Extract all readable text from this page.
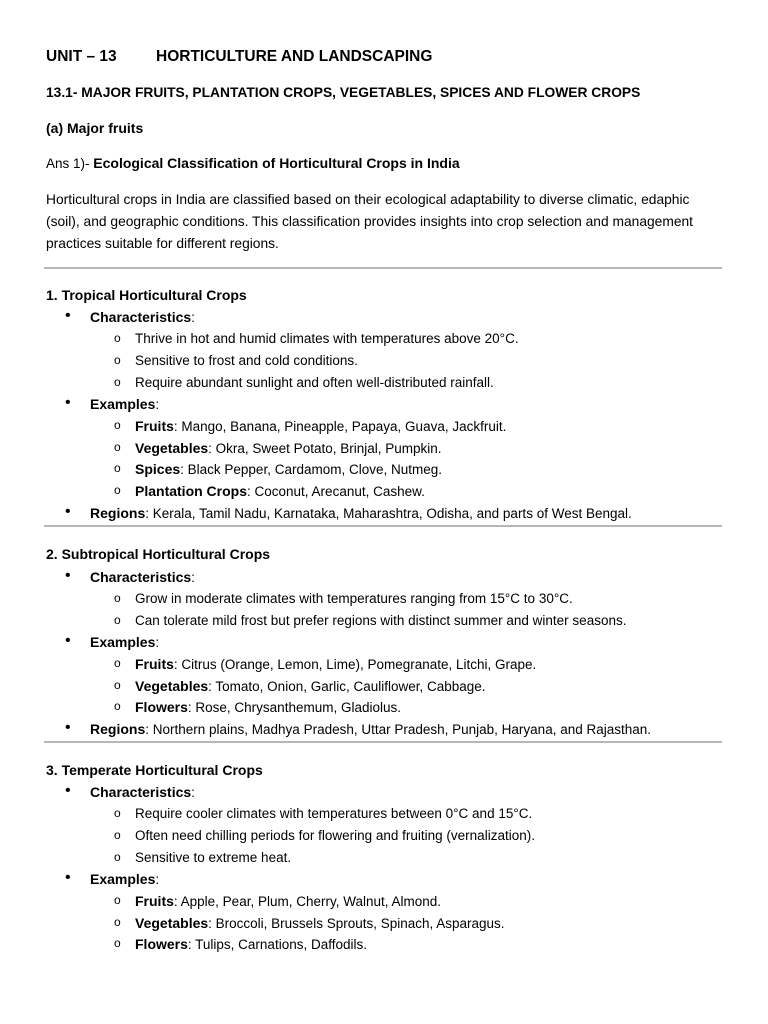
UNIT – 13	HORTICULTURE AND LANDSCAPING
13.1- MAJOR FRUITS, PLANTATION CROPS, VEGETABLES, SPICES AND FLOWER CROPS
(a) Major fruits
Ans 1)- Ecological Classification of Horticultural Crops in India
Horticultural crops in India are classified based on their ecological adaptability to diverse climatic, edaphic (soil), and geographic conditions. This classification provides insights into crop selection and management practices suitable for different regions.
1. Tropical Horticultural Crops
• Characteristics:
o Thrive in hot and humid climates with temperatures above 20°C.
o Sensitive to frost and cold conditions.
o Require abundant sunlight and often well-distributed rainfall.
• Examples:
o Fruits: Mango, Banana, Pineapple, Papaya, Guava, Jackfruit.
o Vegetables: Okra, Sweet Potato, Brinjal, Pumpkin.
o Spices: Black Pepper, Cardamom, Clove, Nutmeg.
o Plantation Crops: Coconut, Arecanut, Cashew.
• Regions: Kerala, Tamil Nadu, Karnataka, Maharashtra, Odisha, and parts of West Bengal.
2. Subtropical Horticultural Crops
• Characteristics:
o Grow in moderate climates with temperatures ranging from 15°C to 30°C.
o Can tolerate mild frost but prefer regions with distinct summer and winter seasons.
• Examples:
o Fruits: Citrus (Orange, Lemon, Lime), Pomegranate, Litchi, Grape.
o Vegetables: Tomato, Onion, Garlic, Cauliflower, Cabbage.
o Flowers: Rose, Chrysanthemum, Gladiolus.
• Regions: Northern plains, Madhya Pradesh, Uttar Pradesh, Punjab, Haryana, and Rajasthan.
3. Temperate Horticultural Crops
• Characteristics:
o Require cooler climates with temperatures between 0°C and 15°C.
o Often need chilling periods for flowering and fruiting (vernalization).
o Sensitive to extreme heat.
• Examples:
o Fruits: Apple, Pear, Plum, Cherry, Walnut, Almond.
o Vegetables: Broccoli, Brussels Sprouts, Spinach, Asparagus.
o Flowers: Tulips, Carnations, Daffodils.
